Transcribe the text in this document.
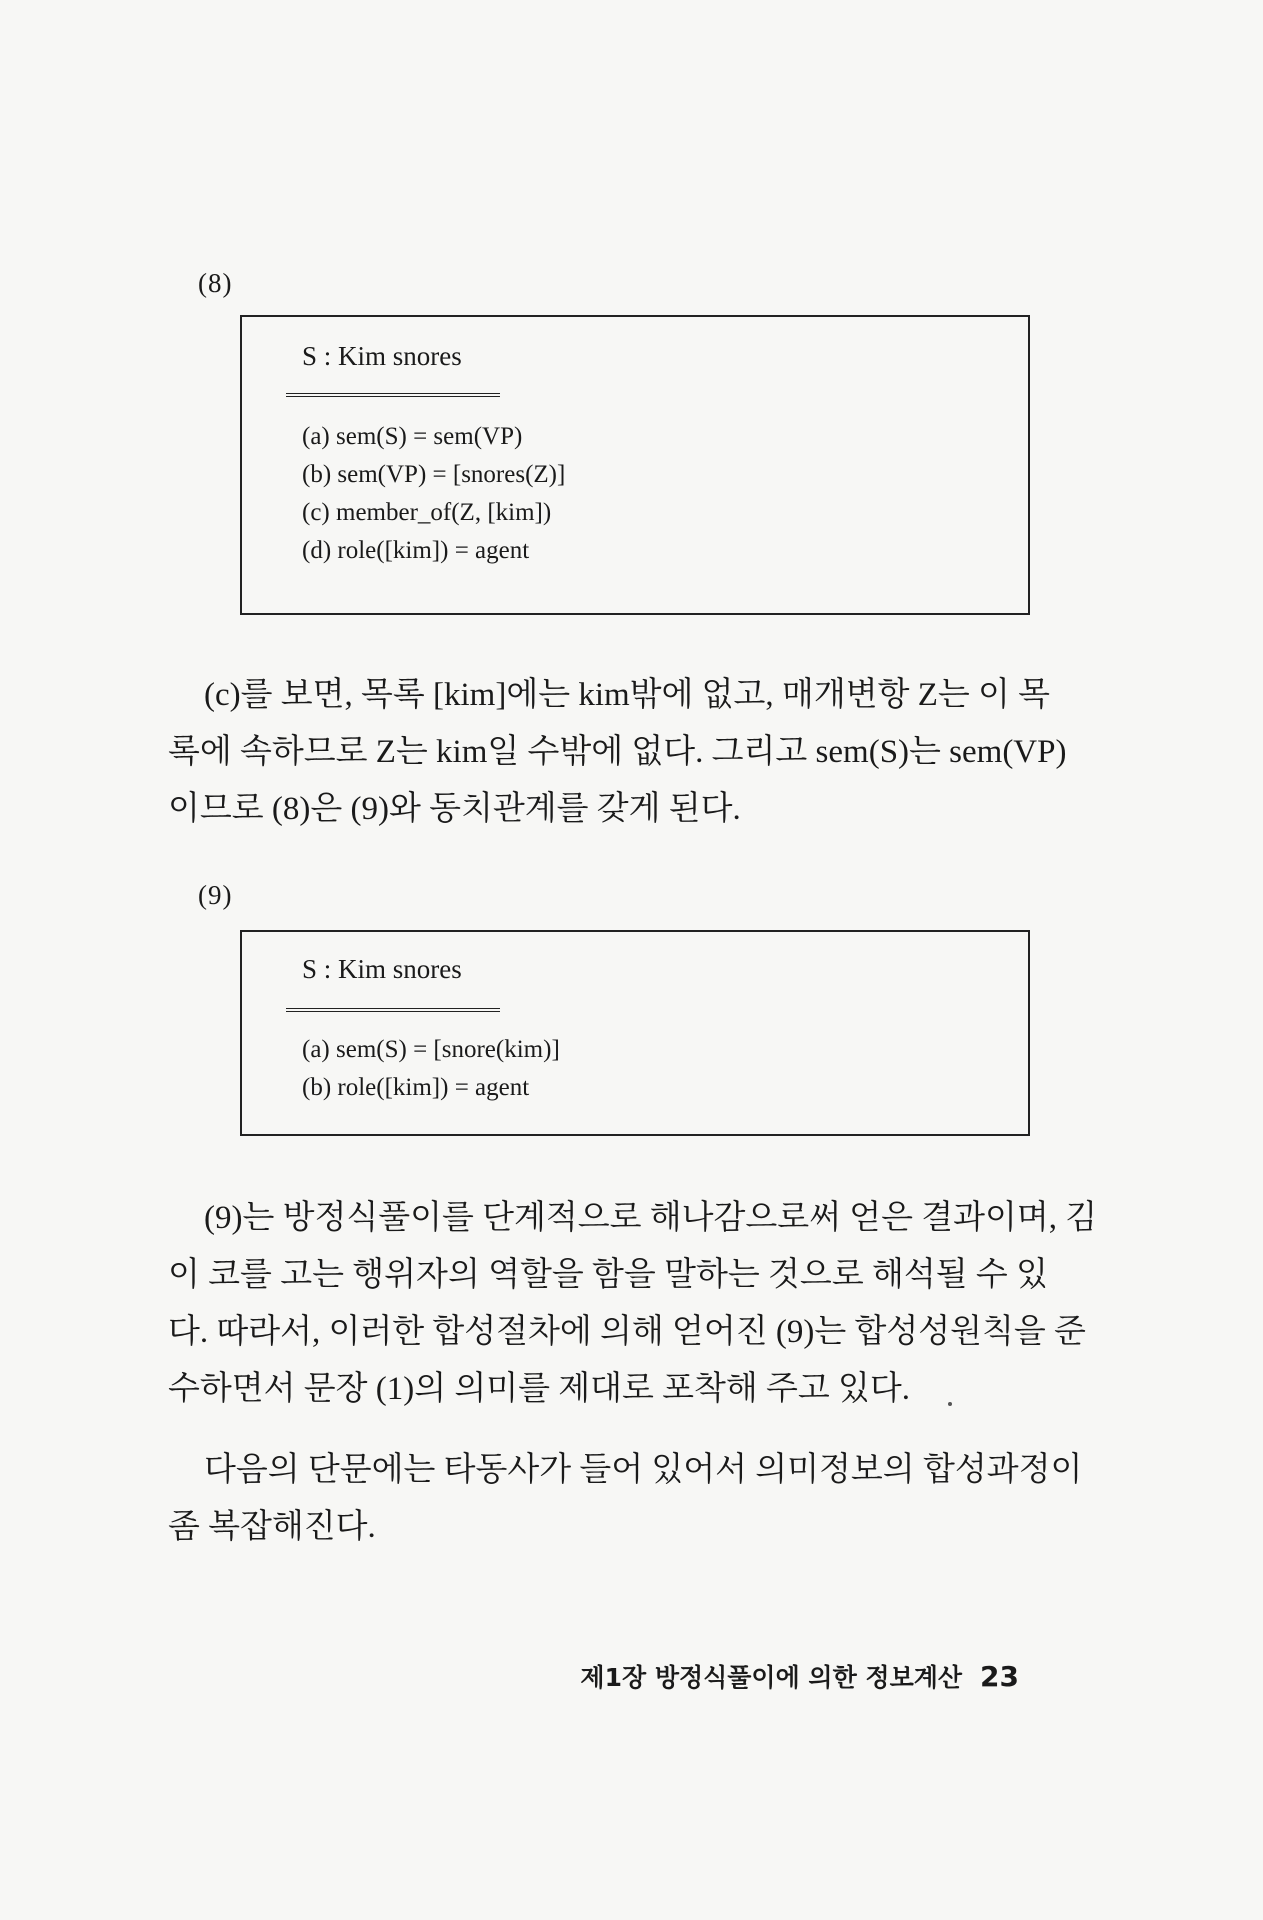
(8)
S : Kim snores
(a) sem(S) = sem(VP)
(b) sem(VP) = [snores(Z)]
(c) member_of(Z, [kim])
(d) role([kim]) = agent
(c)를 보면, 목록 [kim]에는 kim밖에 없고, 매개변항 Z는 이 목
록에 속하므로 Z는 kim일 수밖에 없다. 그리고 sem(S)는 sem(VP)
이므로 (8)은 (9)와 동치관계를 갖게 된다.
(9)
S : Kim snores
(a) sem(S) = [snore(kim)]
(b) role([kim]) = agent
(9)는 방정식풀이를 단계적으로 해나감으로써 얻은 결과이며, 김
이 코를 고는 행위자의 역할을 함을 말하는 것으로 해석될 수 있
다. 따라서, 이러한 합성절차에 의해 얻어진 (9)는 합성성원칙을 준
수하면서 문장 (1)의 의미를 제대로 포착해 주고 있다.
다음의 단문에는 타동사가 들어 있어서 의미정보의 합성과정이
좀 복잡해진다.
제1장 방정식풀이에 의한 정보계산 23
